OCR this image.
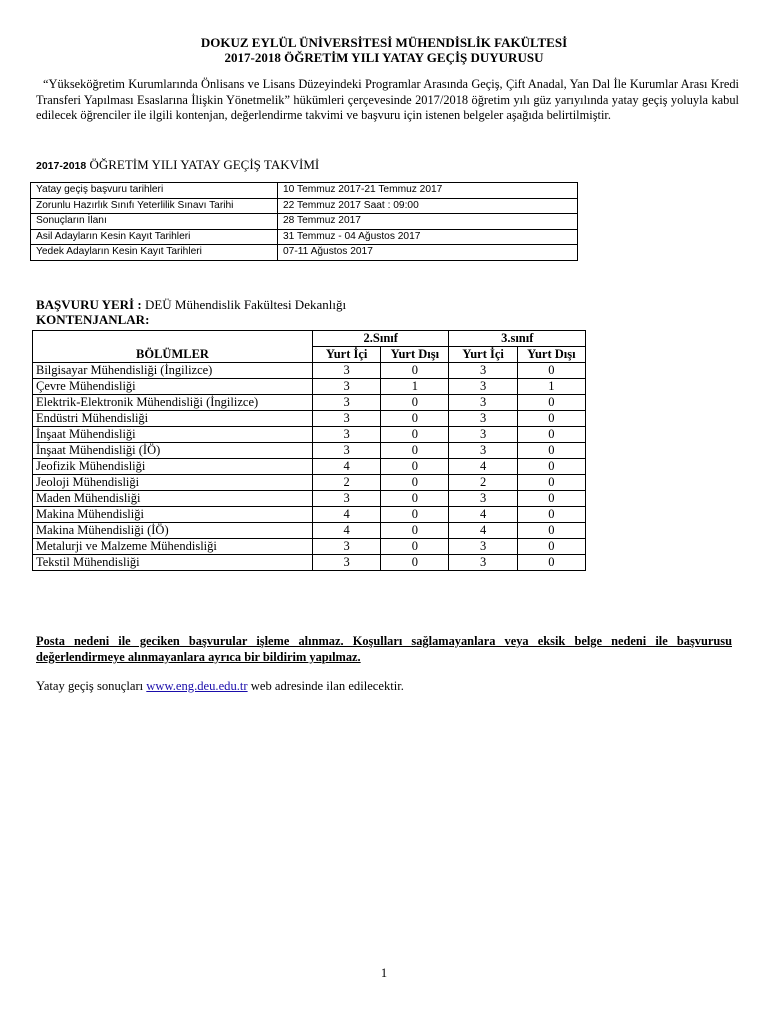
DOKUZ EYLÜL ÜNİVERSİTESİ MÜHENDİSLİK FAKÜLTESİ
2017-2018 ÖĞRETİM YILI YATAY GEÇİŞ DUYURUSU
“Yükseköğretim Kurumlarında Önlisans ve Lisans Düzeyindeki Programlar Arasında Geçiş, Çift Anadal, Yan Dal İle Kurumlar Arası Kredi Transferi Yapılması Esaslarına İlişkin Yönetmelik” hükümleri çerçevesinde 2017/2018 öğretim yılı güz yarıyılında yatay geçiş yoluyla kabul edilecek öğrenciler ile ilgili kontenjan, değerlendirme takvimi ve başvuru için istenen belgeler aşağıda belirtilmiştir.
2017-2018 ÖĞRETİM YILI YATAY GEÇİŞ TAKVİMİ
Yatay geçiş başvuru tarihleri	10 Temmuz 2017-21 Temmuz 2017
Zorunlu Hazırlık Sınıfı Yeterlilik Sınavı Tarihi	22 Temmuz 2017 Saat : 09:00
Sonuçların İlanı	28 Temmuz 2017
Asil Adayların Kesin Kayıt Tarihleri	31 Temmuz - 04 Ağustos 2017
Yedek Adayların Kesin Kayıt Tarihleri	07-11 Ağustos 2017
BAŞVURU YERİ : DEÜ Mühendislik Fakültesi Dekanlığı
KONTENJANLAR:
BÖLÜMLER	2.Sınıf		3.sınıf	
	Yurt İçi	Yurt Dışı	Yurt İçi	Yurt Dışı
Bilgisayar Mühendisliği (İngilizce)	3	0	3	0
Çevre Mühendisliği	3	1	3	1
Elektrik-Elektronik Mühendisliği (İngilizce)	3	0	3	0
Endüstri Mühendisliği	3	0	3	0
İnşaat Mühendisliği	3	0	3	0
İnşaat Mühendisliği (İÖ)	3	0	3	0
Jeofizik Mühendisliği	4	0	4	0
Jeoloji Mühendisliği	2	0	2	0
Maden Mühendisliği	3	0	3	0
Makina Mühendisliği	4	0	4	0
Makina Mühendisliği (İÖ)	4	0	4	0
Metalurji ve Malzeme Mühendisliği	3	0	3	0
Tekstil Mühendisliği	3	0	3	0
Posta nedeni ile geciken başvurular işleme alınmaz. Koşulları sağlamayanlara veya eksik belge nedeni ile başvurusu değerlendirmeye alınmayanlara ayrıca bir bildirim yapılmaz.
Yatay geçiş sonuçları www.eng.deu.edu.tr web adresinde ilan edilecektir.
1
